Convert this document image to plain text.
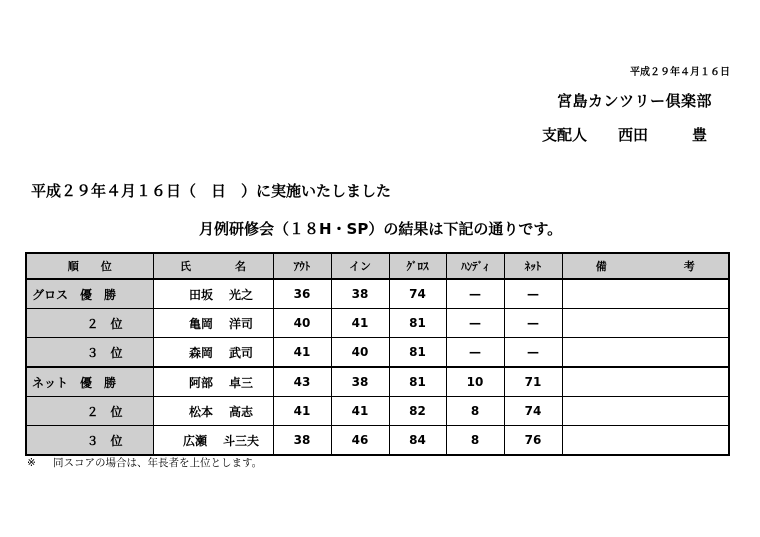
平成２９年４月１６日
宮島カンツリー倶楽部
支配人 西田	豊
平成２９年４月１６日（　日　）に実施いたしました
月例研修会（１８H・SP）の結果は下記の通りです。
順　　 位	氏　　　　 名	ｱｳﾄ	イン	ｸﾞﾛｽ	ﾊﾝﾃﾞｨ	ﾈｯﾄ	備　　　　　　　 考
グロス　優　勝	田坂 光之	36	38	74	—	—	
２　位	亀岡 洋司	40	41	81	—	—	
３　位	森岡 武司	41	40	81	—	—	
ネット　優　勝	阿部 卓三	43	38	81	10	71	
２　位	松本 高志	41	41	82	8	74	
３　位	広瀬 斗三夫	38	46	84	8	76	
※ 同スコアの場合は、年長者を上位とします。
